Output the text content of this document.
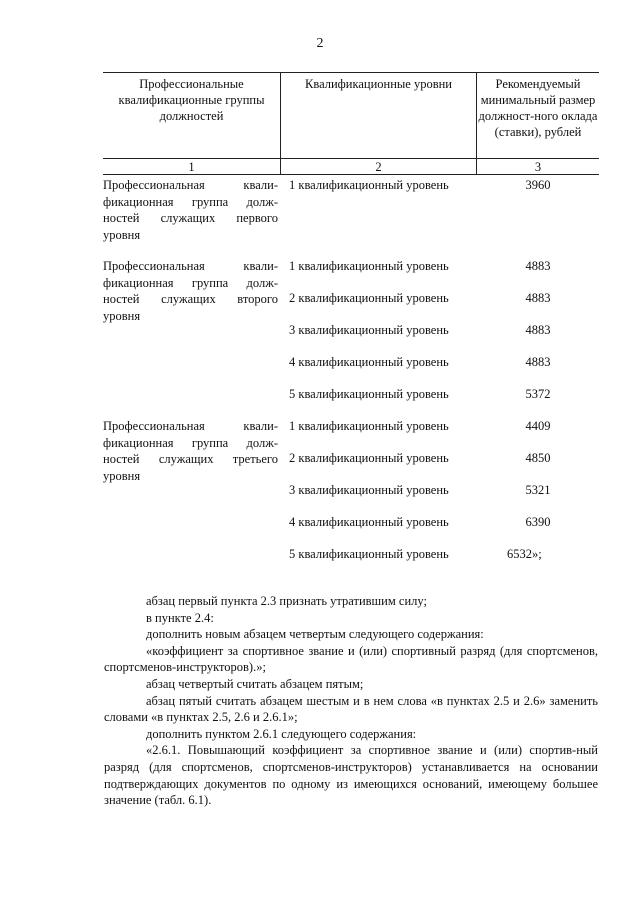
2
Профессиональные квалификационные группы должностей
Квалификационные уровни	Рекомендуемый минимальный размер должност-ного оклада (ставки), рублей
1	2	3
Профессиональная квали-фикационная группа долж-ностей служащих первого уровня
1 квалификационный уровень	3960
Профессиональная квали-фикационная группа долж-ностей служащих второго уровня
1 квалификационный уровень	4883
2 квалификационный уровень	4883
3 квалификационный уровень	4883
4 квалификационный уровень	4883
5 квалификационный уровень	5372
Профессиональная квали-фикационная группа долж-ностей служащих третьего уровня
1 квалификационный уровень	4409
2 квалификационный уровень	4850
3 квалификационный уровень	5321
4 квалификационный уровень	6390
5 квалификационный уровень	6532»;

абзац первый пункта 2.3 признать утратившим силу;

в пункте 2.4:

дополнить новым абзацем четвертым следующего содержания:

«коэффициент за спортивное звание и (или) спортивный разряд (для спортсменов, спортсменов-инструкторов).»;

абзац четвертый считать абзацем пятым;

абзац пятый считать абзацем шестым и в нем слова «в пунктах 2.5 и 2.6» заменить словами «в пунктах 2.5, 2.6 и 2.6.1»;

дополнить пунктом 2.6.1 следующего содержания:

«2.6.1. Повышающий коэффициент за спортивное звание и (или) спортив-ный разряд (для спортсменов, спортсменов-инструкторов) устанавливается на основании подтверждающих документов по одному из имеющихся оснований, имеющему большее значение (табл. 6.1).
